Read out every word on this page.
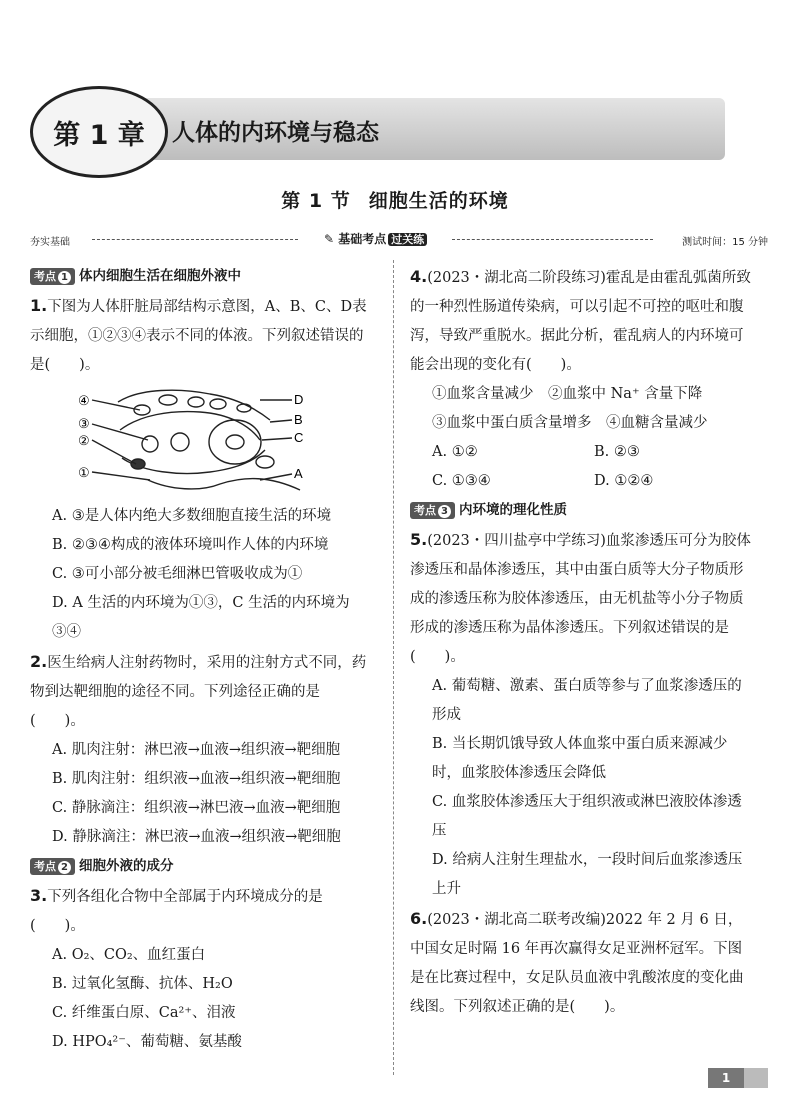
第 1 章	人体的内环境与稳态
第 1 节 细胞生活的环境
夯实基础	✎ 基础考点 过关练	测试时间：15 分钟

考点 1 体内细胞生活在细胞外液中

1.下图为人体肝脏局部结构示意图，A、B、C、D表示细胞，①②③④表示不同的体液。下列叙述错误的是(　　)。

④
③
②
①
D
B
C
A

A. ③是人体内绝大多数细胞直接生活的环境

B. ②③④构成的液体环境叫作人体的内环境

C. ③可小部分被毛细淋巴管吸收成为①

D. A 生活的内环境为①③，C 生活的内环境为③④

2.医生给病人注射药物时，采用的注射方式不同，药物到达靶细胞的途径不同。下列途径正确的是(　　)。

A. 肌肉注射：淋巴液→血液→组织液→靶细胞

B. 肌肉注射：组织液→血液→组织液→靶细胞

C. 静脉滴注：组织液→淋巴液→血液→靶细胞

D. 静脉滴注：淋巴液→血液→组织液→靶细胞

考点 2 细胞外液的成分

3.下列各组化合物中全部属于内环境成分的是(　　)。

A. O₂、CO₂、血红蛋白

B. 过氧化氢酶、抗体、H₂O

C. 纤维蛋白原、Ca²⁺、泪液

D. HPO₄²⁻、葡萄糖、氨基酸

4.(2023・湖北高二阶段练习)霍乱是由霍乱弧菌所致的一种烈性肠道传染病，可以引起不可控的呕吐和腹泻，导致严重脱水。据此分析，霍乱病人的内环境可能会出现的变化有(　　)。

①血浆含量减少　②血浆中 Na⁺ 含量下降

③血浆中蛋白质含量增多　④血糖含量减少

A. ①②	B. ②③
C. ①③④	D. ①②④

考点 3 内环境的理化性质

5.(2023・四川盐亭中学练习)血浆渗透压可分为胶体渗透压和晶体渗透压，其中由蛋白质等大分子物质形成的渗透压称为胶体渗透压，由无机盐等小分子物质形成的渗透压称为晶体渗透压。下列叙述错误的是(　　)。

A. 葡萄糖、激素、蛋白质等参与了血浆渗透压的形成

B. 当长期饥饿导致人体血浆中蛋白质来源减少时，血浆胶体渗透压会降低

C. 血浆胶体渗透压大于组织液或淋巴液胶体渗透压

D. 给病人注射生理盐水，一段时间后血浆渗透压上升

6.(2023・湖北高二联考改编)2022 年 2 月 6 日，中国女足时隔 16 年再次赢得女足亚洲杯冠军。下图是在比赛过程中，女足队员血液中乳酸浓度的变化曲线图。下列叙述正确的是(　　)。

1
